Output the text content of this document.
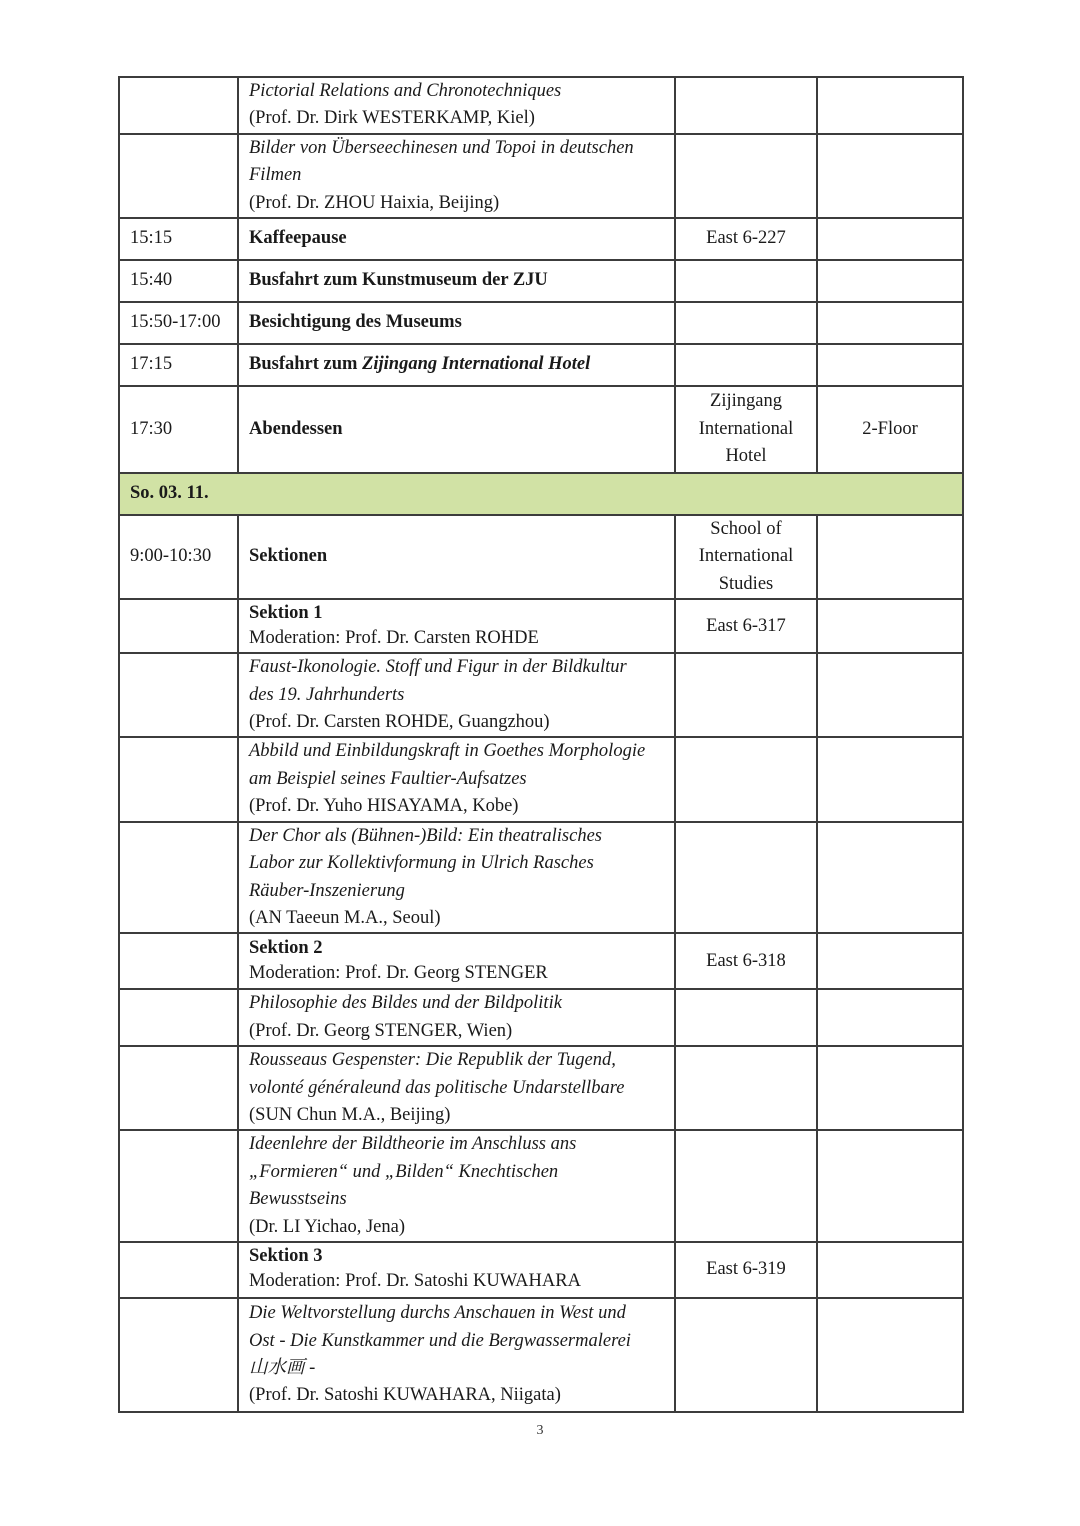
	Pictorial Relations and Chronotechniques
(Prof. Dr. Dirk WESTERKAMP, Kiel)		

	Bilder von Überseechinesen und Topoi in deutschen
Filmen
(Prof. Dr. ZHOU Haixia, Beijing)		

15:15	Kaffeepause	East 6-227	
15:40	Busfahrt zum Kunstmuseum der ZJU		

15:50-17:00	Besichtigung des Museums		

17:15	Busfahrt zum Zijingang International Hotel		

17:30	Abendessen	Zijingang
International
Hotel	2-Floor
So. 03. 11.			
9:00-10:30	Sektionen	School of
International
Studies	

	Sektion 1
Moderation: Prof. Dr. Carsten ROHDE	East 6-317	

	Faust-Ikonologie. Stoff und Figur in der Bildkultur
des 19. Jahrhunderts
(Prof. Dr. Carsten ROHDE, Guangzhou)		

	Abbild und Einbildungskraft in Goethes Morphologie
am Beispiel seines Faultier-Aufsatzes
(Prof. Dr. Yuho HISAYAMA, Kobe)		

	Der Chor als (Bühnen-)Bild: Ein theatralisches
Labor zur Kollektivformung in Ulrich Rasches
Räuber-Inszenierung
(AN Taeeun M.A., Seoul)		

	Sektion 2
Moderation: Prof. Dr. Georg STENGER	East 6-318	

	Philosophie des Bildes und der Bildpolitik
(Prof. Dr. Georg STENGER, Wien)		

	Rousseaus Gespenster: Die Republik der Tugend,
volonté généraleund das politische Undarstellbare
(SUN Chun M.A., Beijing)		

	Ideenlehre der Bildtheorie im Anschluss ans
„Formieren“ und „Bilden“ Knechtischen
Bewusstseins
(Dr. LI Yichao, Jena)		

	Sektion 3
Moderation: Prof. Dr. Satoshi KUWAHARA	East 6-319	

	Die Weltvorstellung durchs Anschauen in West und
Ost - Die Kunstkammer und die Bergwassermalerei
山水画 -
(Prof. Dr. Satoshi KUWAHARA, Niigata)		

3
